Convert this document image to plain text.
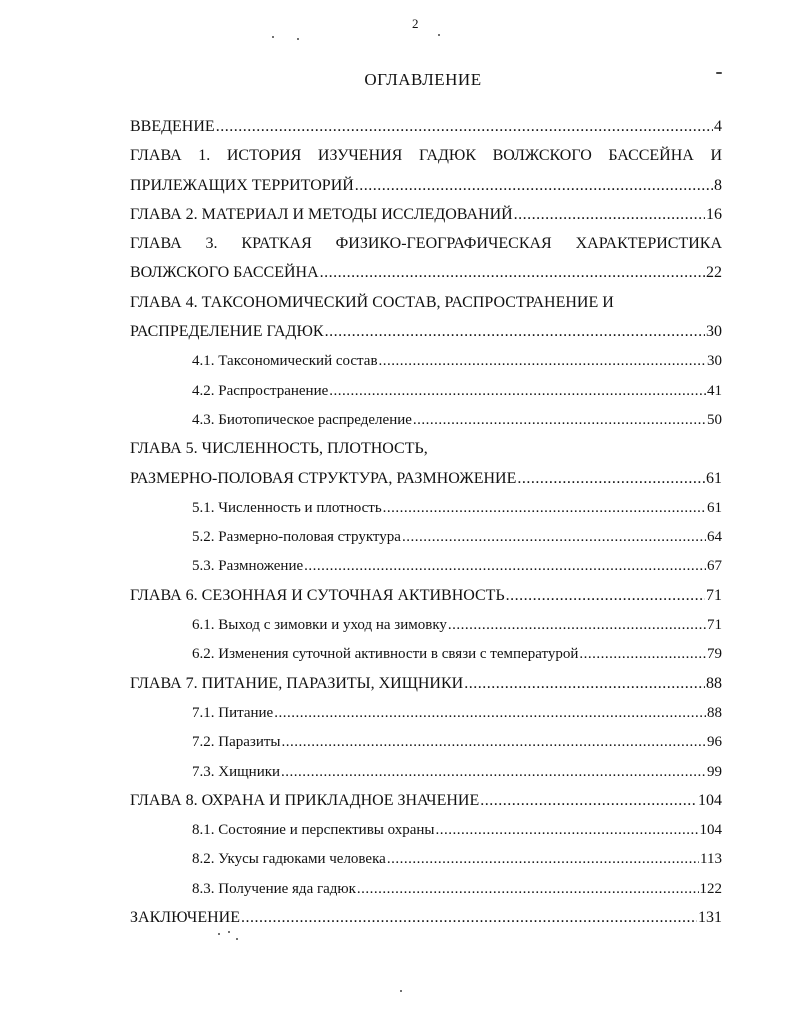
2
ОГЛАВЛЕНИЕ
ВВЕДЕНИЕ .....	4
ГЛАВА 1. ИСТОРИЯ ИЗУЧЕНИЯ ГАДЮК ВОЛЖСКОГО БАССЕЙНА И
ПРИЛЕЖАЩИХ ТЕРРИТОРИЙ .....	8
ГЛАВА 2. МАТЕРИАЛ И МЕТОДЫ ИССЛЕДОВАНИЙ .....	16
ГЛАВА 3. КРАТКАЯ ФИЗИКО-ГЕОГРАФИЧЕСКАЯ ХАРАКТЕРИСТИКА
ВОЛЖСКОГО БАССЕЙНА .....	22
ГЛАВА 4. ТАКСОНОМИЧЕСКИЙ СОСТАВ, РАСПРОСТРАНЕНИЕ И
РАСПРЕДЕЛЕНИЕ ГАДЮК .....	30
4.1. Таксономический состав .....	30
4.2. Распространение .....	41
4.3. Биотопическое распределение .....	50
ГЛАВА 5. ЧИСЛЕННОСТЬ, ПЛОТНОСТЬ,
РАЗМЕРНО-ПОЛОВАЯ СТРУКТУРА, РАЗМНОЖЕНИЕ .....	61
5.1. Численность и плотность .....	61
5.2. Размерно-половая структура .....	64
5.3. Размножение .....	67
ГЛАВА 6. СЕЗОННАЯ И СУТОЧНАЯ АКТИВНОСТЬ .....	71
6.1. Выход с зимовки и уход на зимовку .....	71
6.2. Изменения суточной активности в связи с температурой .....	79
ГЛАВА 7. ПИТАНИЕ, ПАРАЗИТЫ, ХИЩНИКИ .....	88
7.1. Питание .....	88
7.2. Паразиты .....	96
7.3. Хищники .....	99
ГЛАВА 8. ОХРАНА И ПРИКЛАДНОЕ ЗНАЧЕНИЕ .....	104
8.1. Состояние и перспективы охраны .....	104
8.2. Укусы гадюками человека .....	113
8.3. Получение яда гадюк .....	122
ЗАКЛЮЧЕНИЕ .....	131
